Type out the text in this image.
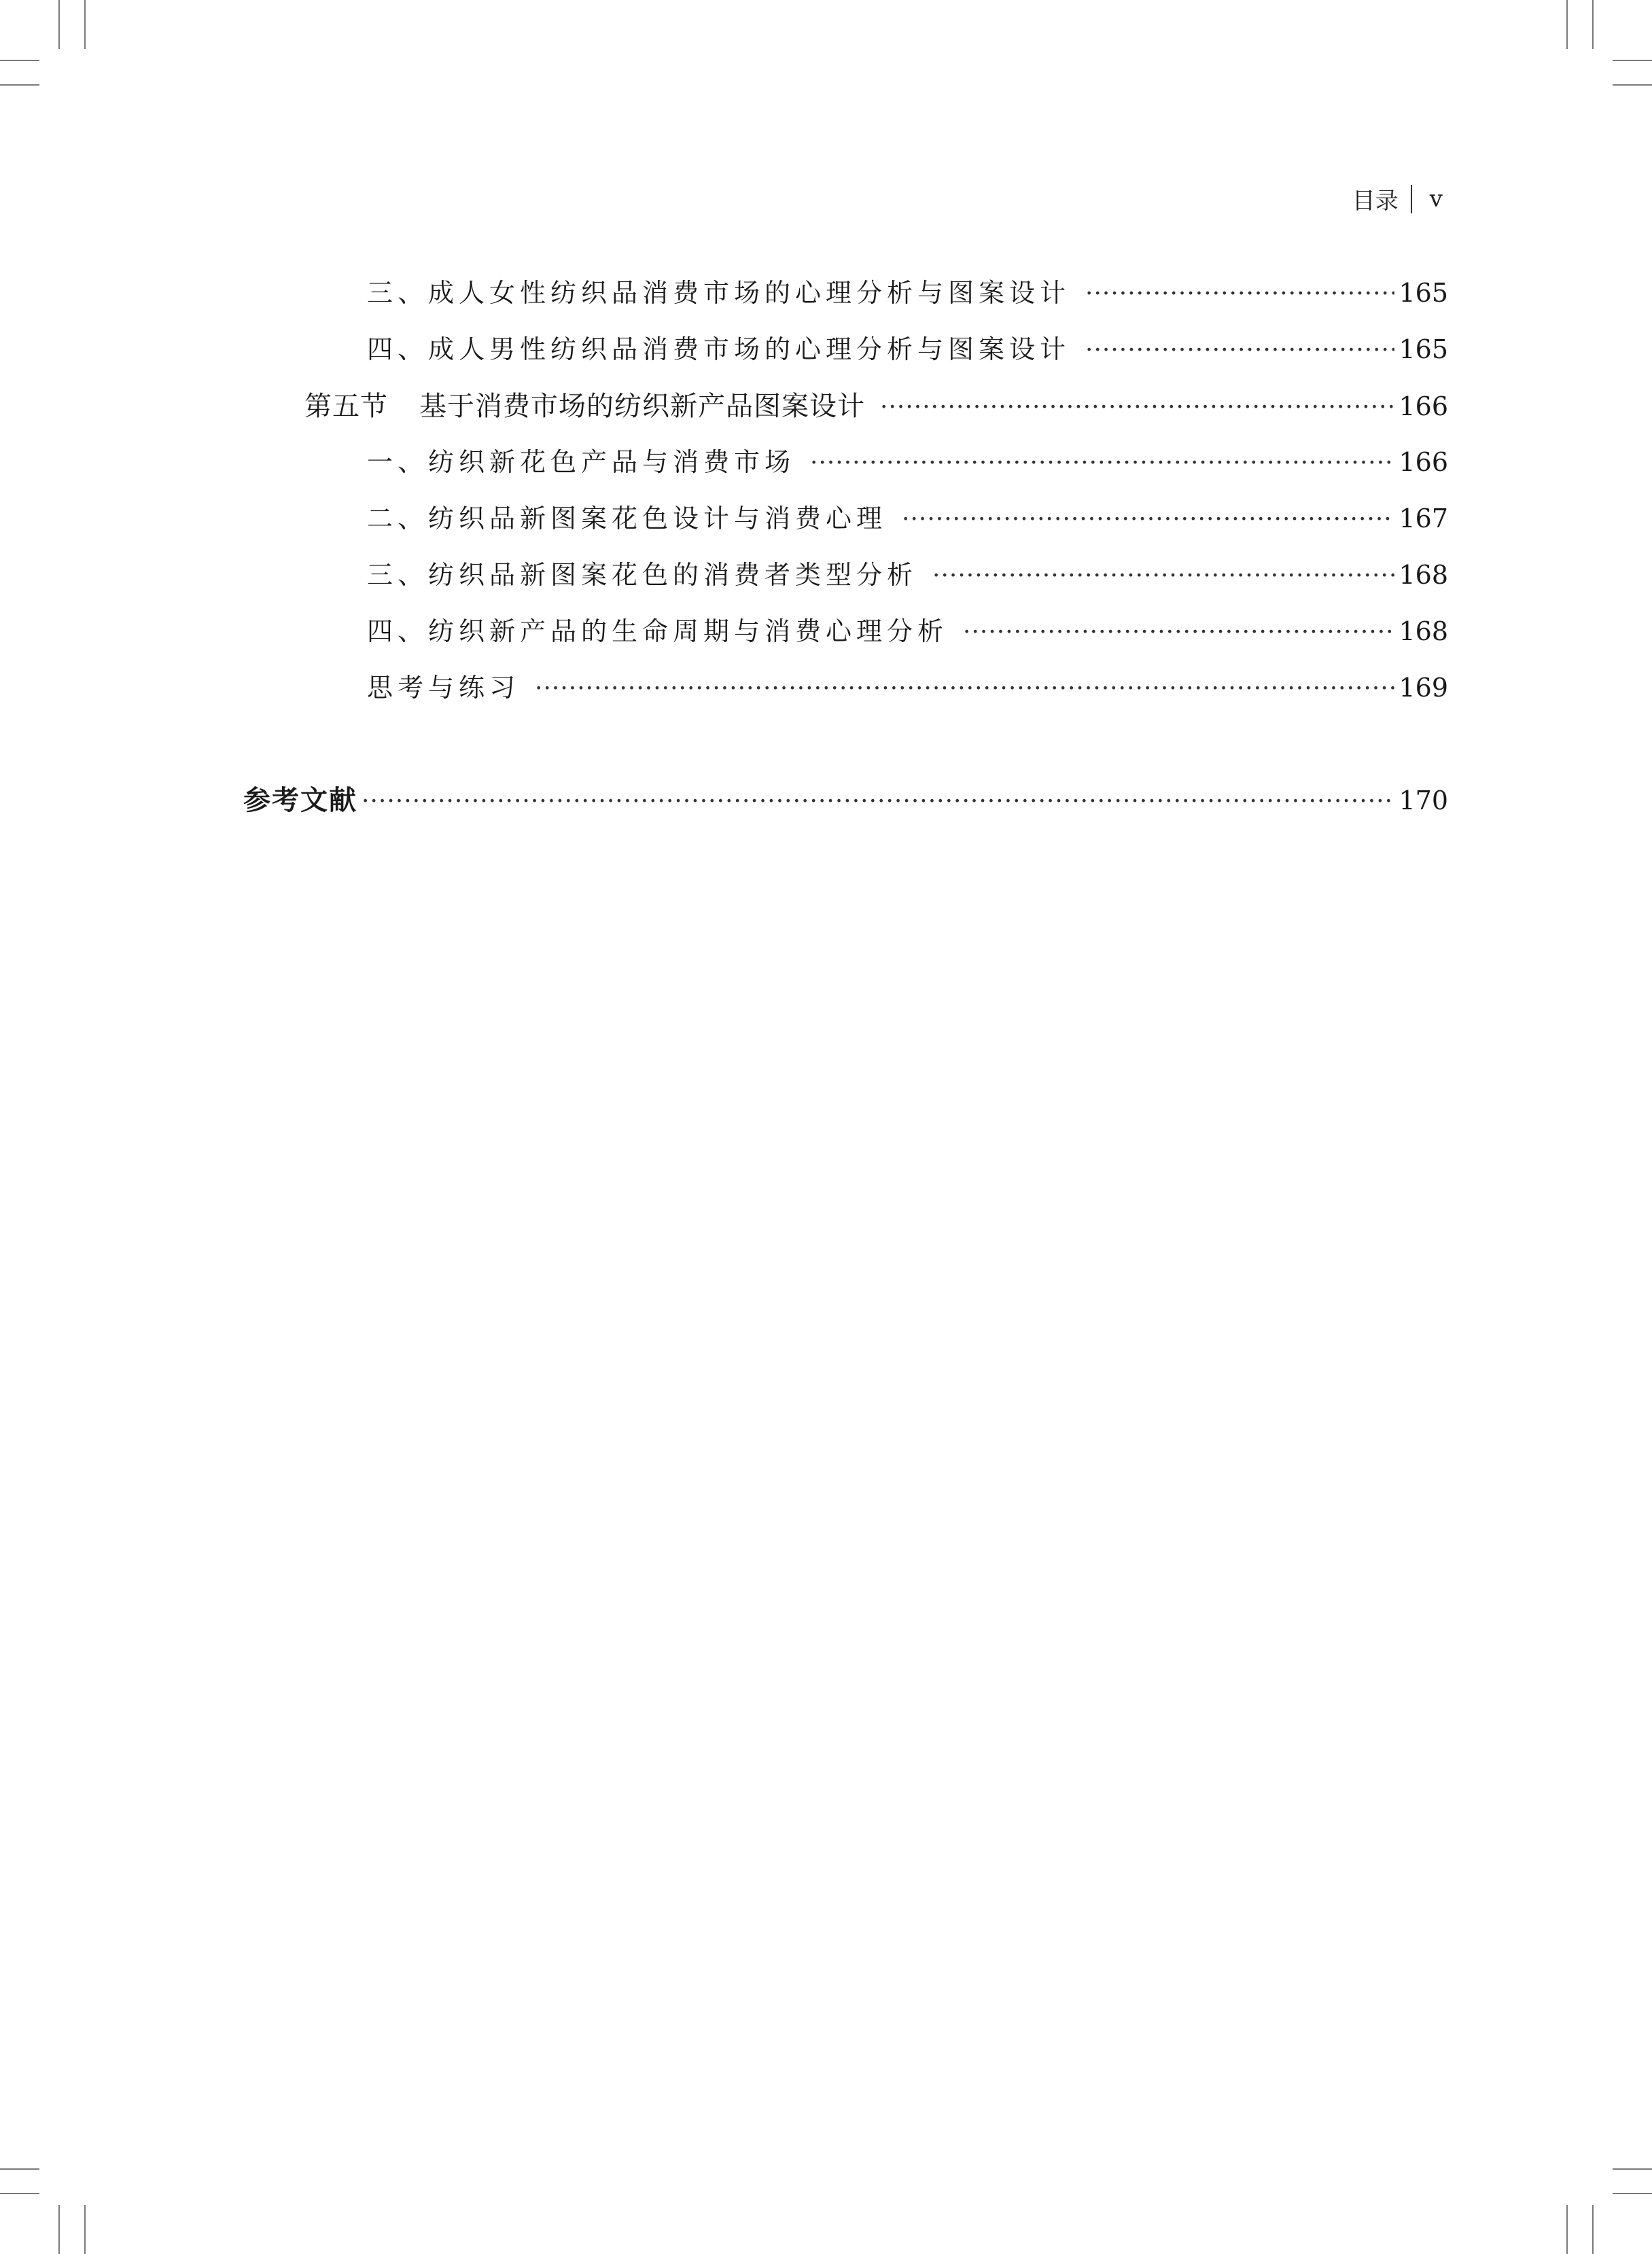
目录 v
三、成人女性纺织品消费市场的心理分析与图案设计 ·····	165
四、成人男性纺织品消费市场的心理分析与图案设计 ·····	165
第五节 基于消费市场的纺织新产品图案设计 ·····	166
一、纺织新花色产品与消费市场 ·····	166
二、纺织品新图案花色设计与消费心理 ·····	167
三、纺织品新图案花色的消费者类型分析 ·····	168
四、纺织新产品的生命周期与消费心理分析 ·····	168
思考与练习 ·····	169
参考文献 ·····	170
